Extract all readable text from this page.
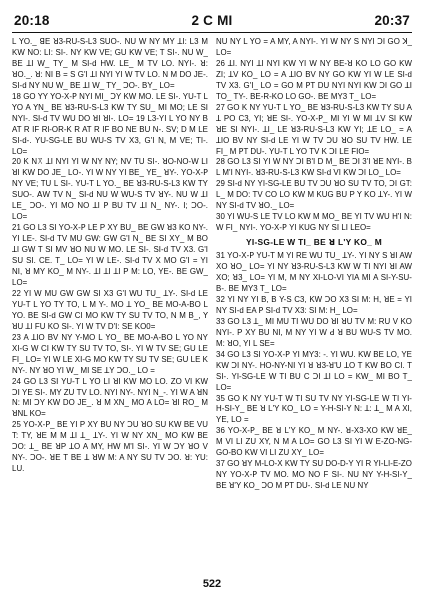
20:18	2 C MI	20:37

L ꓬO._ ꓭE ꓤ3-RU-S-L3 SUO-. NU W NY MY ꓕI: L3 M KW NO: LI: SI-. NY KW VE; GU KW VE; T SI-. NU W_ BE ꓕI W_ TY_ M SI-d HW. LE_ M TV LO. NYI-. ꓤ: ꓤO._. ꓤ: NI B = S G'I ꓕI NYI YI W TV LO. N M DO JE-. SI-d NY NU W_ BE ꓕI W_ TY_ ꓛO-. BY_ LO=

18 GO ꓬY ꓬO-X-ꓑ NYI MI_ ꓛY KW MO. LE SI-. YU-T L ꓬO A ꓬN_ BE ꓤ3-RU-S-L3 KW TY SU_ MI MO; LE SI NYI-. SI-d TV WU DO ꓤI ꓤI-. LO= 19 L3-YI L ꓬO NY B AT R IF Rl-OR-K R AT R IF BO NE BU N-. SV; D M LE SI-d-. YU-SG-LE BU WU-S TV X3, G'I N, M VE; TI-. LO=

20 K N꓃ ꓕI NYI YI W NY NY; NV TU SI-. ꓤO-NO-W LI ꓤI KW DO JE_ LO-. YI W NY YI BE_ YE_ ꓤY-. YO-X-ꓑ NY VE; TU L SI-. YU-T L ꓬO._ BE ꓤ3-RU-S-L3 KW TY SUO-. ꓮW TV N_ SI-d NU W WU-S TV ꓤY-. NU W ꓕI LE_ ꓛO-. YI MO NO ꓕI ꓑ BU TV ꓕI N_ NY-. I; ꓛO-. LO=

21 GO L3 SI YO-X-ꓑ LE P XY BU_ BE GW ꓤ3 KO NY-. YI LE-. SI-d TV MU GW: GW G'I N_ BE SI XY_ M BO ꓕI GW T SI MV ꓤO NU W MO. LE SI-. SI-d TV X3. G'I SU SI. CE. T_ LO= YI W LE-. SI-d TV X MO G'I = YI NI, ꓤ MY KO_ M NY-. ꓕI ꓕI ꓕI P M: LO, YE-. BE GW_ LO=

22 YI W MU GW GW SI X3 G'I WU TU_ ꓕY-. SI-d LE YU-T L ꓬO TY TO, L M Y-. MO ꓕ ꓬO_ BE MO-A-BO L ꓬO. BE SI-d GW CI MO KW TY SU TV TO, N M B_, ꓬ ꓤU ꓕI FU KO SI-. YI W TV D'I: SE KO0=

23 A ꓕIO BV NY Y-MO L ꓬO_ BE MO-A-BO L ꓬO NY XI-G W CI KW TY SU TV TO, SI-. YI W TV SE; GU LE FI_ LO= YI W LE XI-G MO KW TY SU TV SE; GU LE K NY-. NY ꓤO YI W_ MI SE ꓕY ꓛO._ LO =

24 GO L3 SI YU-T L ꓬO LI ꓤI KW MO LO. ZO VI KW ꓛI YE SI-. MY ZU TV LO. NYI NY-. NYI N_-. YI W A ꓤN N: MI ꓛY KW DO JE_. ꓤ M XN_ MO A LO= ꓤI RO_ M ꓤNL KO=

25 YO-X-ꓑ_ BE YI P XY BU NY ꓛU ꓤO SU KW BE VU T: TY, ꓤE M M ꓕI ꓕ_ ꓕY-. YI W NY XN_ MO KW BE ꓛO: ꓕ_ BE ꓤP ꓕO A MY, HW M'I SI-. YI W ꓛY ꓤO V NY-. ꓛO-. ꓤE T BE ꓕ ꓤW M: A NY SU TV ꓛO. ꓤ: ꓬU: LU.

NU NY L ꓬO = A MY, A NYI-. YI W NY S NYI ꓛI GO ꓘ_ LO=

26 ꓕI. NYI ꓕI NYI KW YI W NY BE-ꓤ KO LO GO KW ZI; ꓕV KO_ LO = A ꓕIO BV NY GO KW YI W LE SI-d TV X3. G'I_ LO = GO M ꓑT DU NYI NYI KW ꓛI GO ꓕI TO_ TY-. BE-R-KO LO GO-. BE MY3 T_ LO=

27 GO K NY YU-T L ꓬO_ BE ꓤ3-RU-S-L3 KW TY SU A ꓕ PO C3, YI; ꓤE SI-. YO-X-ꓑ_ MI YI W MI ꓕV SI KW ꓤE SI NYI-. ꓕI_ LE ꓤ3-RU-S-L3 KW YI; ꓕE LO_ = A ꓕIO BV NY SI-d LE YI W TV ꓛU ꓤO SU TV HW. LE FI_ M ꓑT DU-. YU-T L ꓬO TV K ꓛI LE FIO=

28 GO L3 SI YI W NY ꓛI B'I D M_ BE ꓛI 3'I ꓤE NYI-. B L M'I NYI-. ꓤ3-RU-S-L3 KW SI-d VI KW ꓛI LO_ LO=

29 SI-d NY YI-SG-LE BU TV ꓛU ꓤO SU TV TO, ꓛI GT: L_ M DO: TV CO LO KW M KUG BU P ꓬ KO ꓕY-. YI W NY SI-d TV ꓤO._ LO=

30 YI WU-S LE TV LO KW M MO_ BE YI TV WU H'I N: W FI_ NYI-. YO-X-ꓑ YI KUG NY SI LI LEO=

YI-SG-LE W TI_ BE ꓤ L'Y KO_ M

31 YO-X-ꓑ YU-T M YI RE WU TU_ ꓕY-. YI NY S ꓤI AW XO ꓤO_ LO= YI NY ꓤ3-RU-S-L3 KW W TI NYI ꓤI AW XO; ꓤ3_ LO= YI M, M NY XI-LO-VI YIA MI A SI-Y-SU-B-. BE MY3 T_ LO=

32 YI NY YI B, B Y-S C3, KW ꓛO X3 SI M: H, ꓤE = YI NY SI-d EA ꓑ SI-d TV X3: SI M: H_ LO=

33 GO L3 ꓕ_ MI MU TI WU DO ꓤI ꓤU TV M: RU V KO NYI-. P XY BU NI, M NY YI W ꓒ ꓤ BU WU-S TV MO. M: ꓤO, YI L SE=

34 GO L3 SI YO-X-ꓑ YI MY3: -. YI WU. KW BE LO, YE KW ꓛI NY-. HO-NY-NI YI ꓤ ꓤ3-ꓤ'U ꓕO T KW BO CI. T SI-. YI-SG-LE W TI BU C ꓛI ꓕI LO = KW_ MI BO T_ LO=

35 GO K NY YU-T W TI SU TV NY YI-SG-LE W TI YI-H-SI-Y_ BE ꓤ L'Y KO_ LO = Y-H-SI-Y N: ꓕ: ꓕ_ M A XI, YE, LO =

36 YO-X-ꓑ_ BE ꓤ L'Y KO_ M NY-. ꓤ-X3-XO KW ꓤE_ M VI LI ZU XY, N M A LO= GO L3 SI YI W E-ZO-NG-GO-BO KW VI LI ZU XY_ LO=

37 GO ꓤY M-LO-X KW TY SU DO-D-Y YI R YI-LI-E-ZO NY YO-X-ꓑ TV MO. MO NO F SI-. NU NY Y-H-SI-Y_ BE ꓤ'Y KO_ ꓛO M ꓑT DU-. SI-d LE NU NY

522
